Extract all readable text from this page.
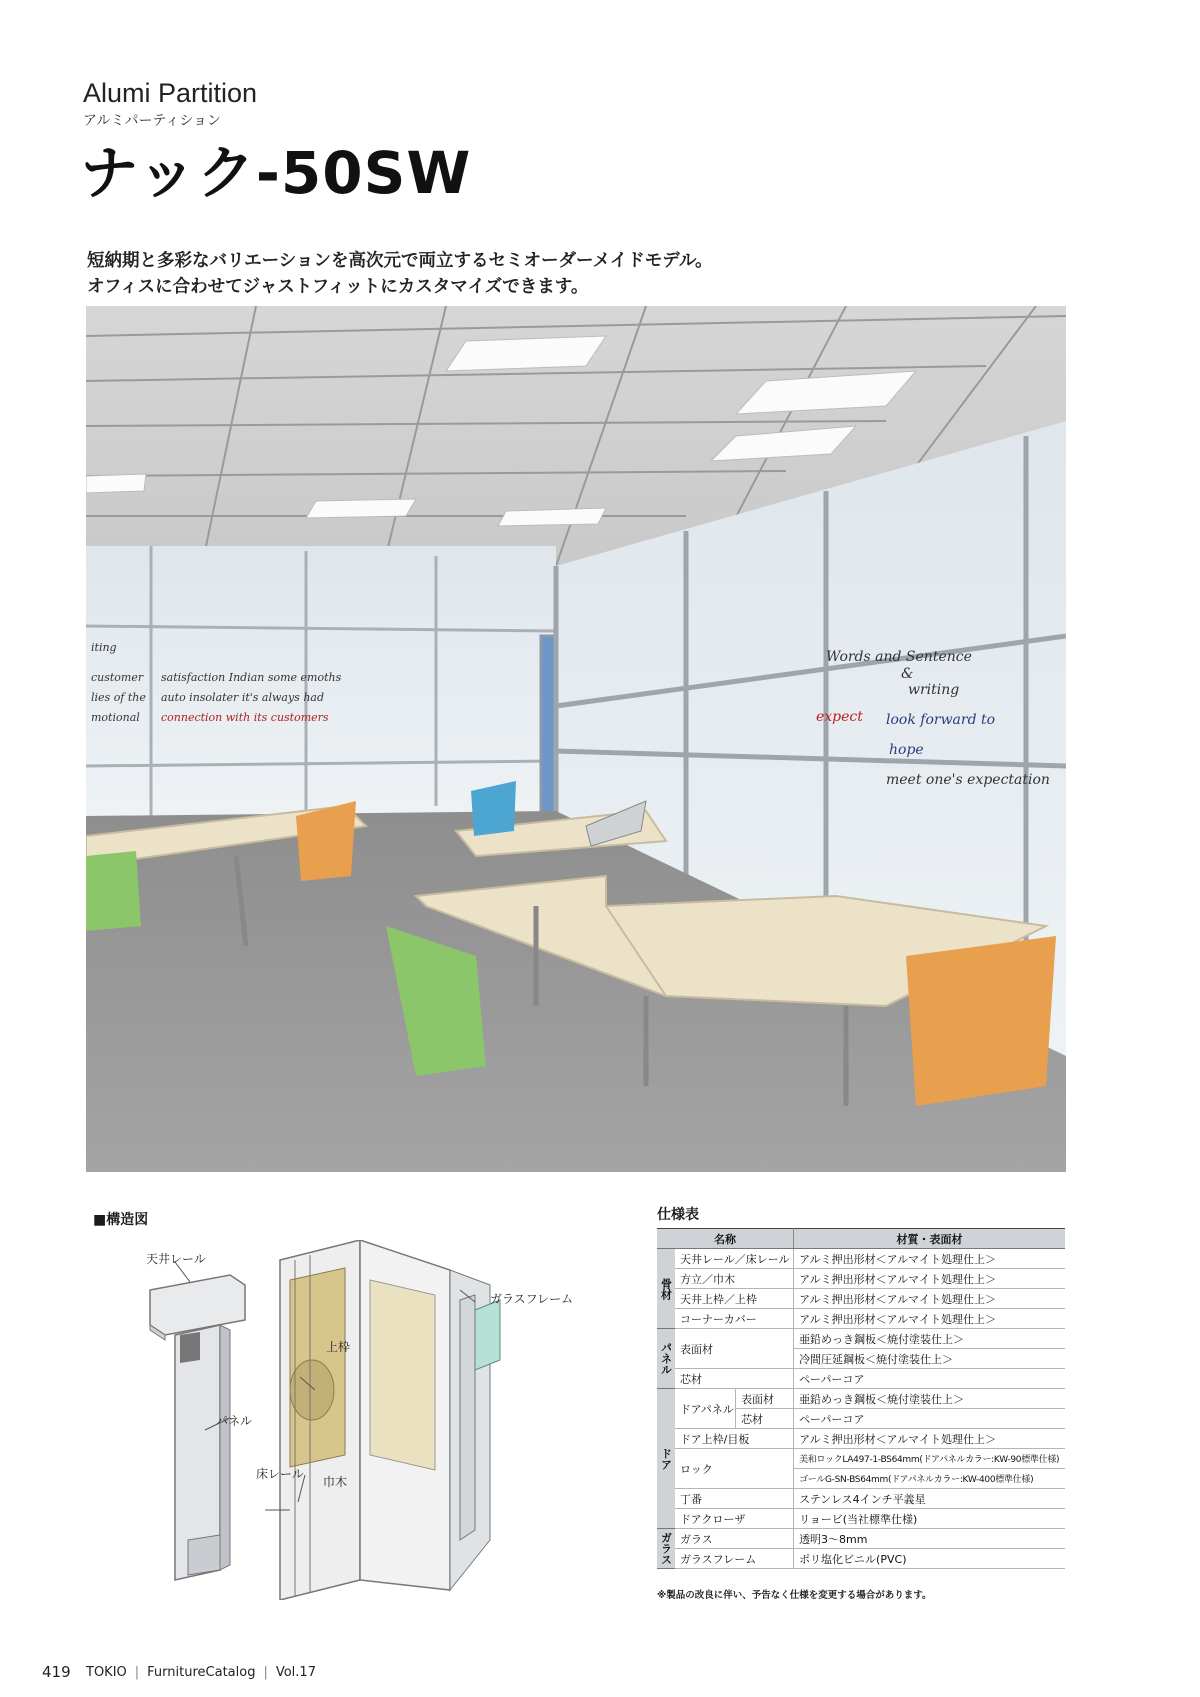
Alumi Partition
アルミパーティション
ナック-50SW
短納期と多彩なバリエーションを高次元で両立するセミオーダーメイドモデル。
オフィスに合わせてジャストフィットにカスタマイズできます。
iting
customer
lies of the
motional
satisfaction Indian some emoths
auto insolater it's always had
connection with its customers
Words and Sentence
&
writing
expect look forward to
hope
meet one's expectation
■構造図
天井レール
パネル
床レール
上枠
巾木
ガラスフレーム
仕様表
名称			材質・表面材
骨材	天井レール／床レール		アルミ押出形材＜アルマイト処理仕上＞
	方立／巾木		アルミ押出形材＜アルマイト処理仕上＞
	天井上枠／上枠		アルミ押出形材＜アルマイト処理仕上＞
	コーナーカバー		アルミ押出形材＜アルマイト処理仕上＞
パネル	表面材		亜鉛めっき鋼板＜焼付塗装仕上＞
			冷間圧延鋼板＜焼付塗装仕上＞
	芯材		ペーパーコア
ドア	ドアパネル	表面材	亜鉛めっき鋼板＜焼付塗装仕上＞
		芯材	ペーパーコア
	ドア上枠/目板		アルミ押出形材＜アルマイト処理仕上＞
	ロック		美和ロックLA497-1-BS64mm(ドアパネルカラー:KW-90標準仕様)
			ゴールG-SN-BS64mm(ドアパネルカラー:KW-400標準仕様)
	丁番		ステンレス4インチ平義星
	ドアクローザ		リョービ(当社標準仕様)
ガラス	ガラス		透明3～8mm
	ガラスフレーム		ポリ塩化ビニル(PVC)
※製品の改良に伴い、予告なく仕様を変更する場合があります。
419 TOKIO | FurnitureCatalog | Vol.17
